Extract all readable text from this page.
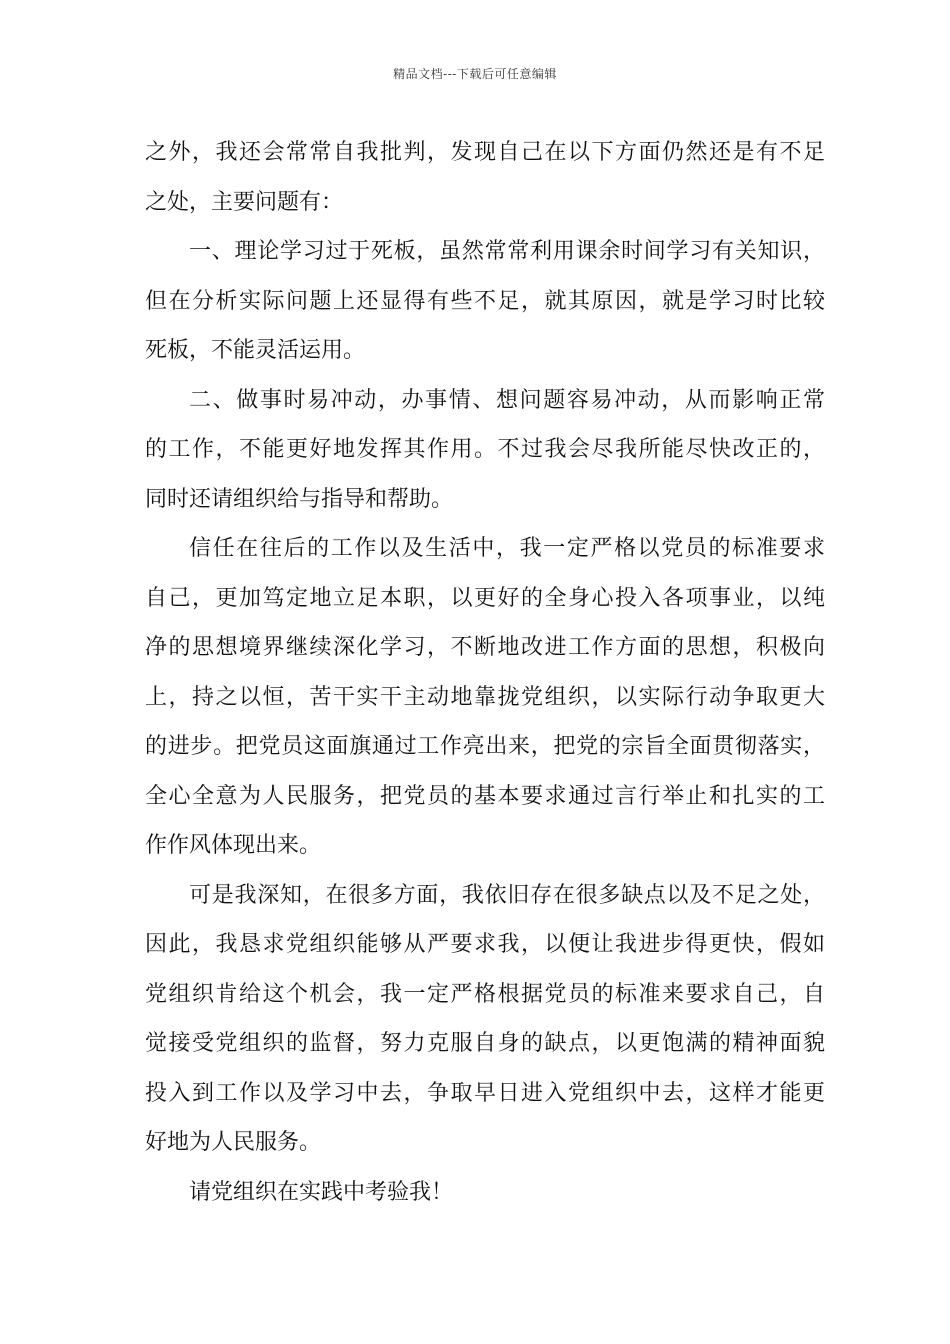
精品文档---下载后可任意编辑
之外，我还会常常自我批判，发现自己在以下方面仍然还是有不足
之处，主要问题有：
一、理论学习过于死板，虽然常常利用课余时间学习有关知识，
但在分析实际问题上还显得有些不足，就其原因，就是学习时比较
死板，不能灵活运用。
二、做事时易冲动，办事情、想问题容易冲动，从而影响正常
的工作，不能更好地发挥其作用。不过我会尽我所能尽快改正的，
同时还请组织给与指导和帮助。
信任在往后的工作以及生活中，我一定严格以党员的标准要求
自己，更加笃定地立足本职，以更好的全身心投入各项事业，以纯
净的思想境界继续深化学习，不断地改进工作方面的思想，积极向
上，持之以恒，苦干实干主动地靠拢党组织，以实际行动争取更大
的进步。把党员这面旗通过工作亮出来，把党的宗旨全面贯彻落实，
全心全意为人民服务，把党员的基本要求通过言行举止和扎实的工
作作风体现出来。
可是我深知，在很多方面，我依旧存在很多缺点以及不足之处，
因此，我恳求党组织能够从严要求我，以便让我进步得更快，假如
党组织肯给这个机会，我一定严格根据党员的标准来要求自己，自
觉接受党组织的监督，努力克服自身的缺点，以更饱满的精神面貌
投入到工作以及学习中去，争取早日进入党组织中去，这样才能更
好地为人民服务。
请党组织在实践中考验我！
